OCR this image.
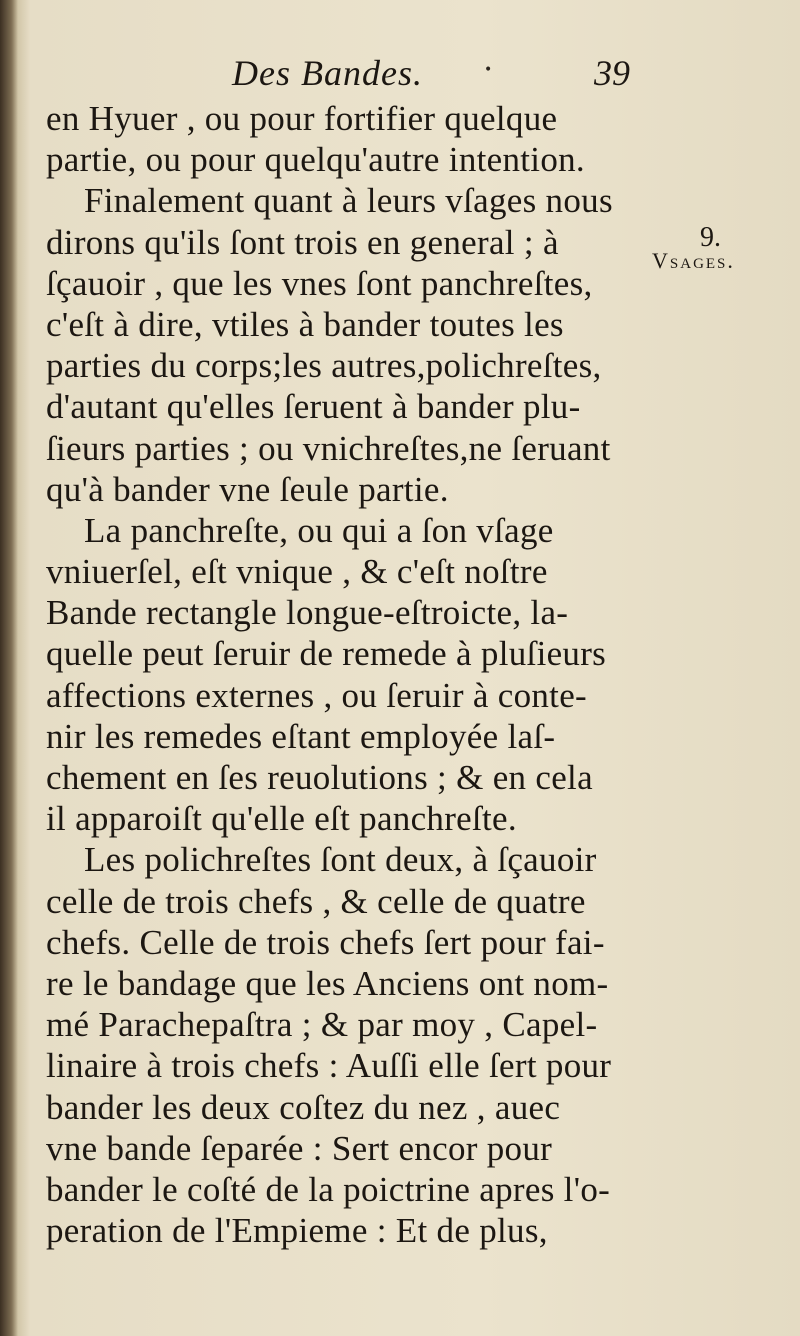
•
Des Bandes.	39
9.
Vsages.
en Hyuer , ou pour fortifier quelque
partie, ou pour quelqu'autre intention.
Finalement quant à leurs vſages nous
dirons qu'ils ſont trois en general ; à
ſçauoir , que les vnes ſont panchreſtes,
c'eſt à dire, vtiles à bander toutes les
parties du corps;les autres,polichreſtes,
d'autant qu'elles ſeruent à bander plu-
ſieurs parties ; ou vnichreſtes,ne ſeruant
qu'à bander vne ſeule partie.
La panchreſte, ou qui a ſon vſage
vniuerſel, eſt vnique , & c'eſt noſtre
Bande rectangle longue-eſtroicte, la-
quelle peut ſeruir de remede à pluſieurs
affections externes , ou ſeruir à conte-
nir les remedes eſtant employée laſ-
chement en ſes reuolutions ; & en cela
il apparoiſt qu'elle eſt panchreſte.
Les polichreſtes ſont deux, à ſçauoir
celle de trois chefs , & celle de quatre
chefs. Celle de trois chefs ſert pour fai-
re le bandage que les Anciens ont nom-
mé Parachepaſtra ; & par moy , Capel-
linaire à trois chefs : Auſſi elle ſert pour
bander les deux coſtez du nez , auec
vne bande ſeparée : Sert encor pour
bander le coſté de la poictrine apres l'o-
peration de l'Empieme : Et de plus,
